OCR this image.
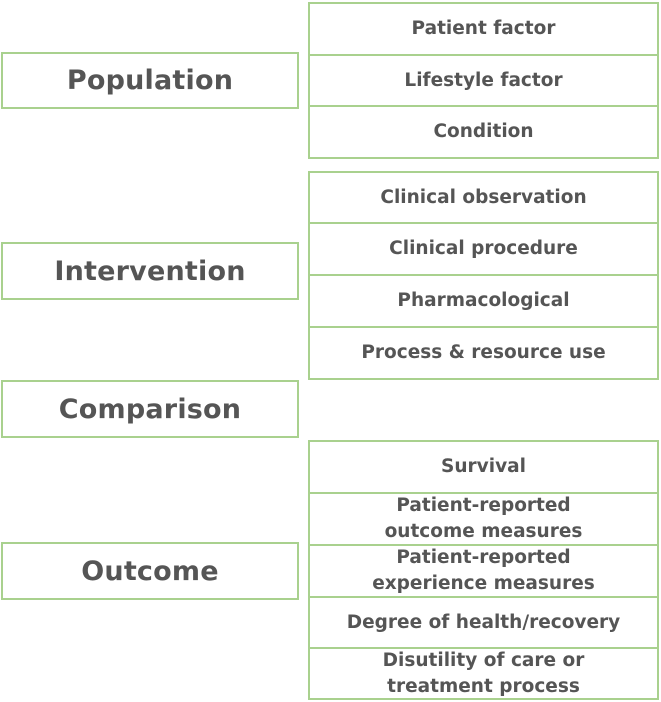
Population
Intervention
Comparison
Outcome
Patient factor
Lifestyle factor
Condition
Clinical observation
Clinical procedure
Pharmacological
Process & resource use
Survival
Patient-reported outcome measures
Patient-reported experience measures
Degree of health/recovery
Disutility of care or treatment process
